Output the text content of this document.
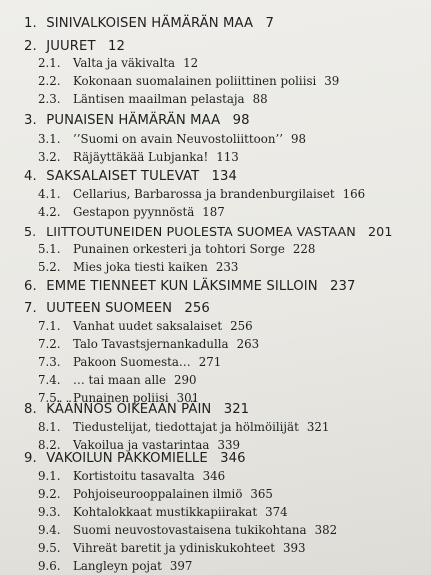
1. SINIVALKOISEN HÄMÄRÄN MAA 7
2. JUURET 12
2.1. Valta ja väkivalta 12
2.2. Kokonaan suomalainen poliittinen poliisi 39
2.3. Läntisen maailman pelastaja 88
3. PUNAISEN HÄMÄRÄN MAA 98
3.1. ’’Suomi on avain Neuvostoliittoon’’ 98
3.2. Räjäyttäkää Lubjanka! 113
4. SAKSALAISET TULEVAT 134
4.1. Cellarius, Barbarossa ja brandenburgilaiset 166
4.2. Gestapon pyynnöstä 187
5. LIITTOUTUNEIDEN PUOLESTA SUOMEA VASTAAN 201
5.1. Punainen orkesteri ja tohtori Sorge 228
5.2. Mies joka tiesti kaiken 233
6. EMME TIENNEET KUN LÄKSIMME SILLOIN 237
7. UUTEEN SUOMEEN 256
7.1. Vanhat uudet saksalaiset 256
7.2. Talo Tavastsjernankadulla 263
7.3. Pakoon Suomesta… 271
7.4. … tai maan alle 290
7.5. Punainen poliisi 301
8. KÄÄNNÖS OIKEAAN PÄIN 321
8.1. Tiedustelijat, tiedottajat ja hölmöilijät 321
8.2. Vakoilua ja vastarintaa 339
9. VAKOILUN PAKKOMIELLE 346
9.1. Kortistoitu tasavalta 346
9.2. Pohjoiseurooppalainen ilmiö 365
9.3. Kohtalokkaat mustikkapiirakat 374
9.4. Suomi neuvostovastaisena tukikohtana 382
9.5. Vihreät baretit ja ydiniskukohteet 393
9.6. Langleyn pojat 397
